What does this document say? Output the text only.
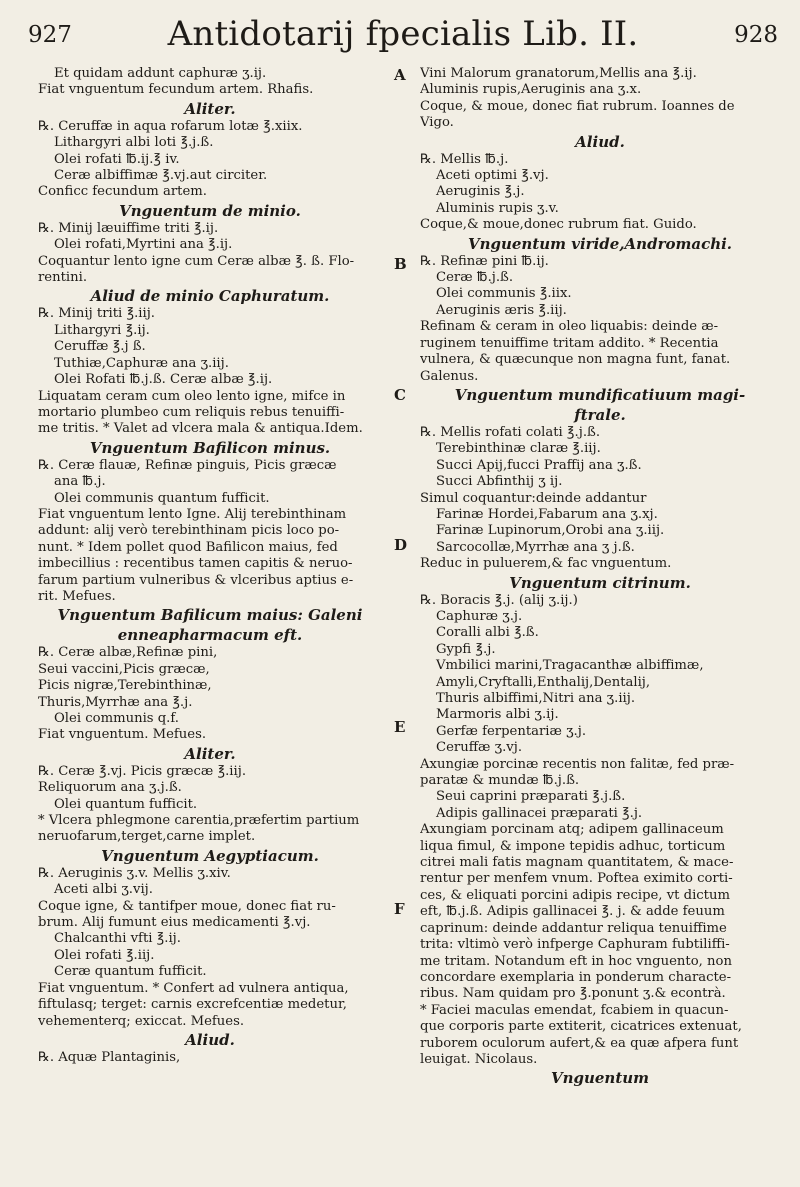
927	Antidotarij fpecialis Lib. II.	928
Et quidam addunt caphuræ ʒ.ij.
Fiat vnguentum fecundum artem. Rhafis.
Aliter.
℞. Ceruffæ in aqua rofarum lotæ ℥.xiix.
Lithargyri albi loti ℥.j.ß.
Olei rofati ℔.ij.℥ iv.
Ceræ albiffimæ ℥.vj.aut circiter.
Conficc fecundum artem.
Vnguentum de minio.
℞. Minij læuiffime triti ℥.ij.
Olei rofati,Myrtini ana ℥.ij.
Coquantur lento igne cum Ceræ albæ ℥. ß. Flo-
rentini.
Aliud de minio Caphuratum.
℞. Minij triti ℥.iij.
Lithargyri ℥.ij.
Ceruffæ ℥.j ß.
Tuthiæ,Caphuræ ana ʒ.iij.
Olei Rofati ℔.j.ß. Ceræ albæ ℥.ij.
Liquatam ceram cum oleo lento igne, mifce in
mortario plumbeo cum reliquis rebus tenuiffi-
me tritis. * Valet ad vlcera mala & antiqua.Idem.
Vnguentum Bafilicon minus.
℞. Ceræ flauæ, Refinæ pinguis, Picis græcæ
ana ℔.j.
Olei communis quantum fufficit.
Fiat vnguentum lento Igne. Alij terebinthinam
addunt: alij verò terebinthinam picis loco po-
nunt. * Idem pollet quod Bafilicon maius, fed
imbecillius : recentibus tamen capitis & neruo-
farum partium vulneribus & vlceribus aptius e-
rit. Mefues.
Vnguentum Bafilicum maius: Galeni
enneapharmacum eft.
℞. Ceræ albæ,Refinæ pini,
Seui vaccini,Picis græcæ,
Picis nigræ,Terebinthinæ,
Thuris,Myrrhæ ana ℥.j.
Olei communis q.f.
Fiat vnguentum. Mefues.
Aliter.
℞. Ceræ ℥.vj. Picis græcæ ℥.iij.
Reliquorum ana ʒ.j.ß.
Olei quantum fufficit.
* Vlcera phlegmone carentia,præfertim partium
neruofarum,terget,carne implet.
Vnguentum Aegyptiacum.
℞. Aeruginis ʒ.v. Mellis ʒ.xiv.
Aceti albi ʒ.vij.
Coque igne, & tantifper moue, donec fiat ru-
brum. Alij fumunt eius medicamenti ℥.vj.
Chalcanthi vfti ℥.ij.
Olei rofati ℥.iij.
Ceræ quantum fufficit.
Fiat vnguentum. * Confert ad vulnera antiqua,
fiftulasq; terget: carnis excrefcentiæ medetur,
vehementerq; exiccat. Mefues.
Aliud.
℞. Aquæ Plantaginis,
Vini Malorum granatorum,Mellis ana ℥.ij.
Aluminis rupis,Aeruginis ana ʒ.x.
Coque, & moue, donec fiat rubrum. Ioannes de
Vigo.
Aliud.
℞. Mellis ℔.j.
Aceti optimi ℥.vj.
Aeruginis ℥.j.
Aluminis rupis ʒ.v.
Coque,& moue,donec rubrum fiat. Guido.
Vnguentum viride,Andromachi.
℞. Refinæ pini ℔.ij.
Ceræ ℔.j.ß.
Olei communis ℥.iix.
Aeruginis æris ℥.iij.
Refinam & ceram in oleo liquabis: deinde æ-
ruginem tenuiffime tritam addito. * Recentia
vulnera, & quæcunque non magna funt, fanat.
Galenus.
Vnguentum mundificatiuum magi-
ftrale.
℞. Mellis rofati colati ℥.j.ß.
Terebinthinæ claræ ℥.iij.
Succi Apij,fucci Praffij ana ʒ.ß.
Succi Abfinthij ʒ ij.
Simul coquantur:deinde addantur
Farinæ Hordei,Fabarum ana ʒ.xj.
Farinæ Lupinorum,Orobi ana ʒ.iij.
Sarcocollæ,Myrrhæ ana ʒ j.ß.
Reduc in puluerem,& fac vnguentum.
Vnguentum citrinum.
℞. Boracis ℥.j. (alij ʒ.ij.)
Caphuræ ʒ.j.
Coralli albi ℥.ß.
Gypfi ℥.j.
Vmbilici marini,Tragacanthæ albiffimæ,
Amyli,Cryftalli,Enthalij,Dentalij,
Thuris albiffimi,Nitri ana ʒ.iij.
Marmoris albi ʒ.ij.
Gerfæ ferpentariæ ʒ.j.
Ceruffæ ʒ.vj.
Axungiæ porcinæ recentis non falitæ, fed præ-
paratæ & mundæ ℔.j.ß.
Seui caprini præparati ℥.j.ß.
Adipis gallinacei præparati ℥.j.
Axungiam porcinam atq; adipem gallinaceum
liqua fimul, & impone tepidis adhuc, torticum
citrei mali fatis magnam quantitatem, & mace-
rentur per menfem vnum. Poftea eximito corti-
ces, & eliquati porcini adipis recipe, vt dictum
eft, ℔.j.ß. Adipis gallinacei ℥. j. & adde feuum
caprinum: deinde addantur reliqua tenuiffime
trita: vltimò verò infperge Caphuram fubtiliffi-
me tritam. Notandum eft in hoc vnguento, non
concordare exemplaria in ponderum characte-
ribus. Nam quidam pro ℥.ponunt ʒ.& econtrà.
* Faciei maculas emendat, fcabiem in quacun-
que corporis parte extiterit, cicatrices extenuat,
ruborem oculorum aufert,& ea quæ afpera funt
leuigat. Nicolaus.
Vnguentum
A
B
C
D
E
F
